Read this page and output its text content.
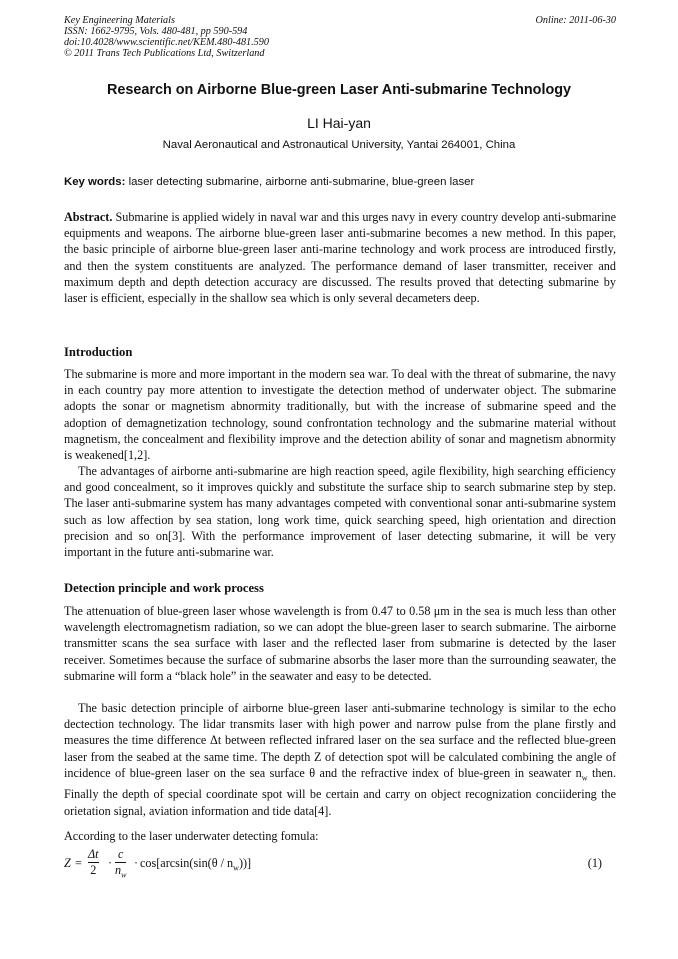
Key Engineering Materials
ISSN: 1662-9795, Vols. 480-481, pp 590-594
doi:10.4028/www.scientific.net/KEM.480-481.590
© 2011 Trans Tech Publications Ltd, Switzerland
Online: 2011-06-30
Research on Airborne Blue-green Laser Anti-submarine Technology
LI Hai-yan
Naval Aeronautical and Astronautical University, Yantai 264001, China
Key words: laser detecting submarine, airborne anti-submarine, blue-green laser
Abstract. Submarine is applied widely in naval war and this urges navy in every country develop anti-submarine equipments and weapons. The airborne blue-green laser anti-submarine becomes a new method. In this paper, the basic principle of airborne blue-green laser anti-marine technology and work process are introduced firstly, and then the system constituents are analyzed. The performance demand of laser transmitter, receiver and maximum depth and depth detection accuracy are discussed. The results proved that detecting submarine by laser is efficient, especially in the shallow sea which is only several decameters deep.
Introduction
The submarine is more and more important in the modern sea war. To deal with the threat of submarine, the navy in each country pay more attention to investigate the detection method of underwater object. The submarine adopts the sonar or magnetism abnormity traditionally, but with the increase of submarine speed and the adoption of demagnetization technology, sound confrontation technology and the submarine material without magnetism, the concealment and flexibility improve and the detection ability of sonar and magnetism abnormity is weakened[1,2].
The advantages of airborne anti-submarine are high reaction speed, agile flexibility, high searching efficiency and good concealment, so it improves quickly and substitute the surface ship to search submarine step by step. The laser anti-submarine system has many advantages competed with conventional sonar anti-submarine system such as low affection by sea station, long work time, quick searching speed, high orientation and direction precision and so on[3]. With the performance improvement of laser detecting submarine, it will be very important in the future anti-submarine war.
Detection principle and work process
The attenuation of blue-green laser whose wavelength is from 0.47 to 0.58 μm in the sea is much less than other wavelength electromagnetism radiation, so we can adopt the blue-green laser to search submarine. The airborne transmitter scans the sea surface with laser and the reflected laser from submarine is detected by the laser receiver. Sometimes because the surface of submarine absorbs the laser more than the surrounding seawater, the submarine will form a “black hole” in the seawater and easy to be detected.
The basic detection principle of airborne blue-green laser anti-submarine technology is similar to the echo dectection technology. The lidar transmits laser with high power and narrow pulse from the plane firstly and measures the time difference Δt between reflected infrared laser on the sea surface and the reflected blue-green laser from the seabed at the same time. The depth Z of detection spot will be calculated combining the angle of incidence of blue-green laser on the sea surface θ and the refractive index of blue-green in seawater $n_w$ then. Finally the depth of special coordinate spot will be certain and carry on object recognization conciidering the orietation signal, aviation information and tide data[4].
According to the laser underwater detecting fomula:
$Z = \frac{\Delta t}{2} \cdot \frac{c}{n_w} \cdot \cos[\arcsin(\sin(\theta / n_w))]$	(1)
